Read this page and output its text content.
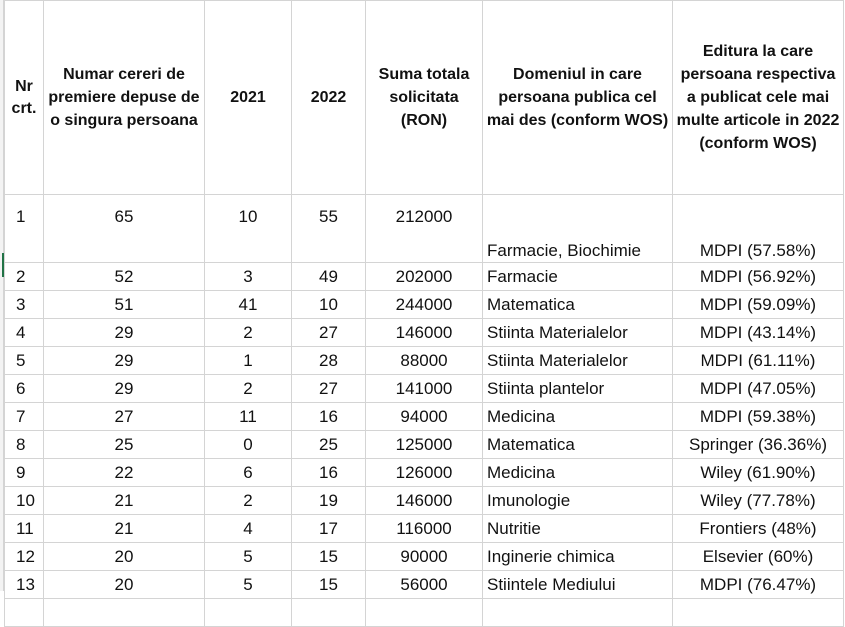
Nr crt.	Numar cereri de premiere depuse de o singura persoana	2021	2022	Suma totala solicitata (RON)	Domeniul in care persoana publica cel mai des (conform WOS)	Editura la care persoana respectiva a publicat cele mai multe articole in 2022 (conform WOS)
1	65	10	55	212000	Farmacie, Biochimie	MDPI (57.58%)
2	52	3	49	202000	Farmacie	MDPI (56.92%)
3	51	41	10	244000	Matematica	MDPI (59.09%)
4	29	2	27	146000	Stiinta Materialelor	MDPI (43.14%)
5	29	1	28	88000	Stiinta Materialelor	MDPI (61.11%)
6	29	2	27	141000	Stiinta plantelor	MDPI (47.05%)
7	27	11	16	94000	Medicina	MDPI (59.38%)
8	25	0	25	125000	Matematica	Springer (36.36%)
9	22	6	16	126000	Medicina	Wiley (61.90%)
10	21	2	19	146000	Imunologie	Wiley (77.78%)
11	21	4	17	116000	Nutritie	Frontiers (48%)
12	20	5	15	90000	Inginerie chimica	Elsevier (60%)
13	20	5	15	56000	Stiintele Mediului	MDPI (76.47%)
